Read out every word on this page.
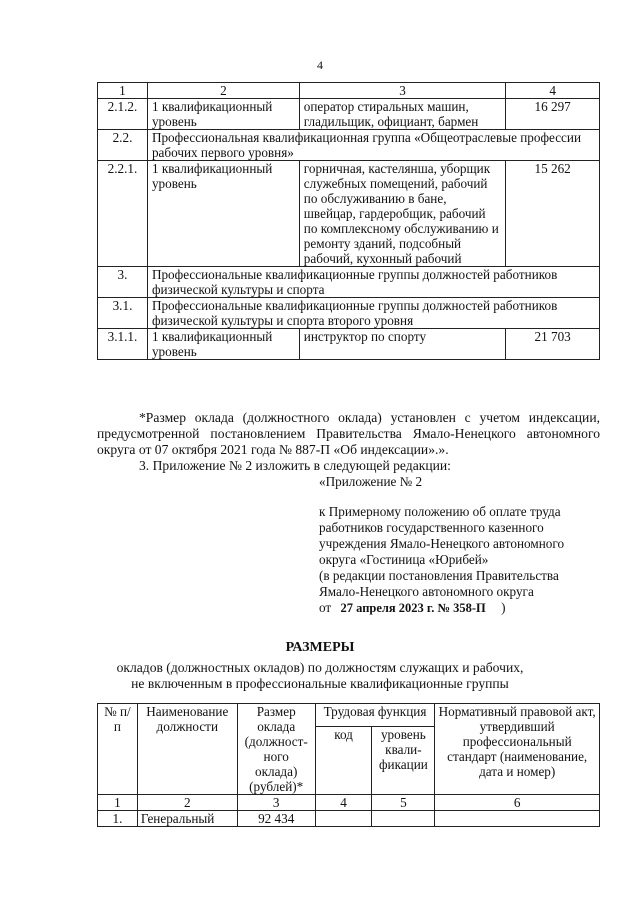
4
1	2	3	4
2.1.2.	1 квалификационный уровень	оператор стиральных машин, гладильщик, официант, бармен	16 297
2.2.	Профессиональная квалификационная группа «Общеотраслевые профессии рабочих первого уровня»		
2.2.1.	1 квалификационный уровень	горничная, кастелянша, уборщик служебных помещений, рабочий по обслуживанию в бане, швейцар, гардеробщик, рабочий по комплексному обслуживанию и ремонту зданий, подсобный рабочий, кухонный рабочий	15 262
3.	Профессиональные квалификационные группы должностей работников физической культуры и спорта		
3.1.	Профессиональные квалификационные группы должностей работников физической культуры и спорта второго уровня		
3.1.1.	1 квалификационный уровень	инструктор по спорту	21 703
*Размер оклада (должностного оклада) установлен с учетом индексации, предусмотренной постановлением Правительства Ямало-Ненецкого автономного округа от 07 октября 2021 года № 887-П «Об индексации».».
3. Приложение № 2 изложить в следующей редакции:
«Приложение № 2
к Примерному положению об оплате труда
работников государственного казенного
учреждения Ямало-Ненецкого автономного
округа «Гостиница «Юрибей»
(в редакции постановления Правительства
Ямало-Ненецкого автономного округа
от 27 апреля 2023 г. № 358-П )
РАЗМЕРЫ
окладов (должностных окладов) по должностям служащих и рабочих,
не включенным в профессиональные квалификационные группы
№ п/п	Наименование должности	Размер оклада (должност-ного оклада) (рублей)*	Трудовая функция		Нормативный правовой акт, утвердивший профессиональный стандарт (наименование, дата и номер)
			код	уровень квали-фикации	
1	2	3	4	5	6
1.	Генеральный	92 434			
